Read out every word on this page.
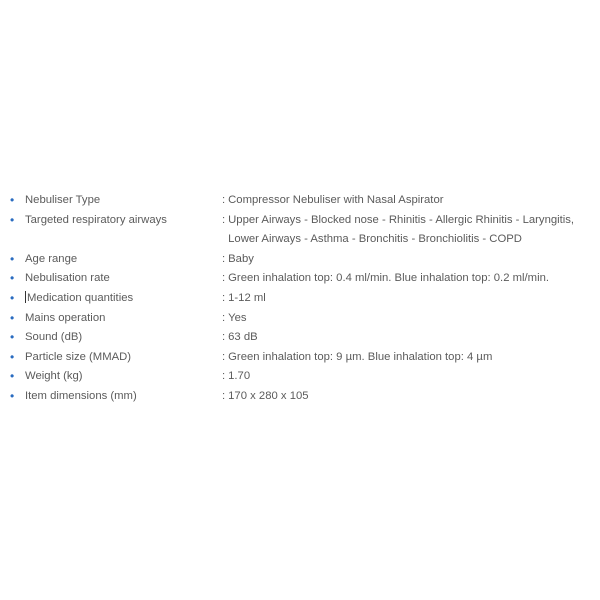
• Nebuliser Type	: Compressor Nebuliser with Nasal Aspirator
• Targeted respiratory airways	: Upper Airways - Blocked nose - Rhinitis - Allergic Rhinitis - Laryngitis,
Lower Airways - Asthma - Bronchitis - Bronchiolitis - COPD
• Age range	: Baby
• Nebulisation rate	: Green inhalation top: 0.4 ml/min. Blue inhalation top: 0.2 ml/min.
•	Medication quantities	: 1-12 ml
• Mains operation	: Yes
• Sound (dB)	: 63 dB
• Particle size (MMAD)	: Green inhalation top: 9 µm. Blue inhalation top: 4 µm
• Weight (kg)	: 1.70
• Item dimensions (mm)	: 170 x 280 x 105
